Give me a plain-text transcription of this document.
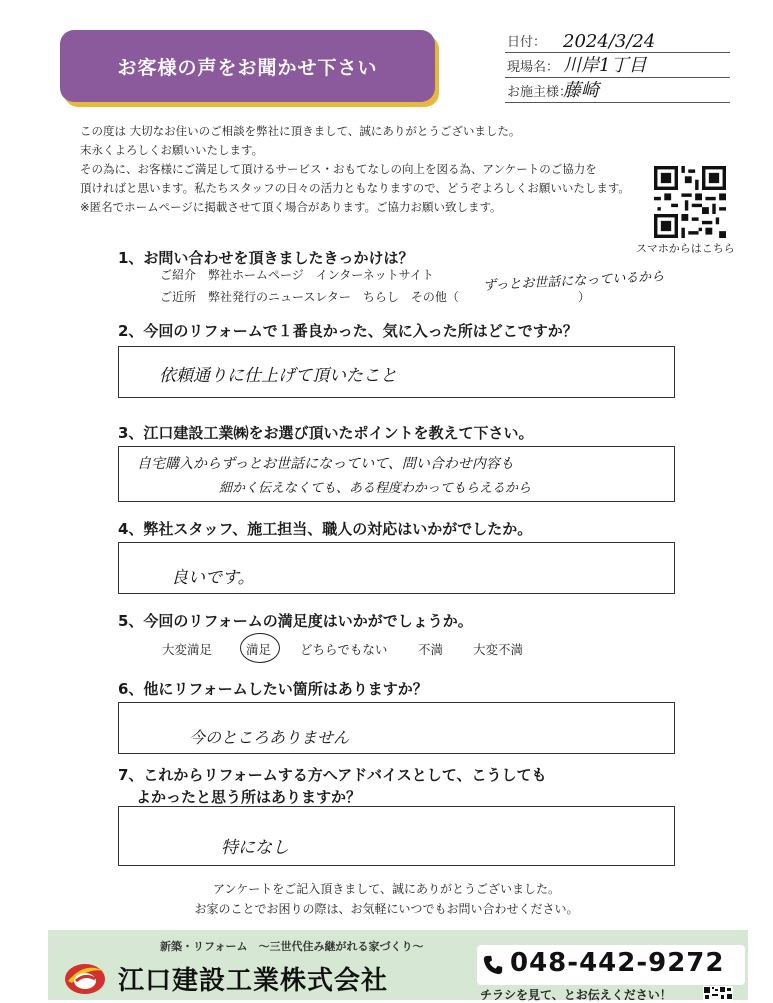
お客様の声をお聞かせ下さい
日付： 2024/3/24
現場名： 川岸1丁目
お施主様：
藤崎
この度は 大切なお住いのご相談を弊社に頂きまして、誠にありがとうございました。
末永くよろしくお願いいたします。
その為に、お客様にご満足して頂けるサービス・おもてなしの向上を図る為、アンケートのご協力を
頂ければと思います。私たちスタッフの日々の活力ともなりますので、どうぞよろしくお願いいたします。
※匿名でホームページに掲載させて頂く場合があります。ご協力お願い致します。
スマホからはこちら
1、お問い合わせを頂きましたきっかけは？
ご紹介　弊社ホームページ　インターネットサイト
ご近所　弊社発行のニュースレター　ちらし　その他（
ずっとお世話になっているから
）
2、今回のリフォームで１番良かった、気に入った所はどこですか？
依頼通りに仕上げて頂いたこと
3、江口建設工業㈱をお選び頂いたポイントを教えて下さい。
自宅購入からずっとお世話になっていて、問い合わせ内容も
細かく伝えなくても、ある程度わかってもらえるから
4、弊社スタッフ、施工担当、職人の対応はいかがでしたか。
良いです。
5、今回のリフォームの満足度はいかがでしょうか。
大変満足	満足 どちらでもない 不満 大変不満
6、他にリフォームしたい箇所はありますか？
今のところありません
7、これからリフォームする方へアドバイスとして、こうしても
よかったと思う所はありますか？
特になし
アンケートをご記入頂きまして、誠にありがとうございました。
お家のことでお困りの際は、お気軽にいつでもお問い合わせください。
新築・リフォーム　～三世代住み継がれる家づくり～
江口建設工業株式会社
048-442-9272
チラシを見て、とお伝えください！
